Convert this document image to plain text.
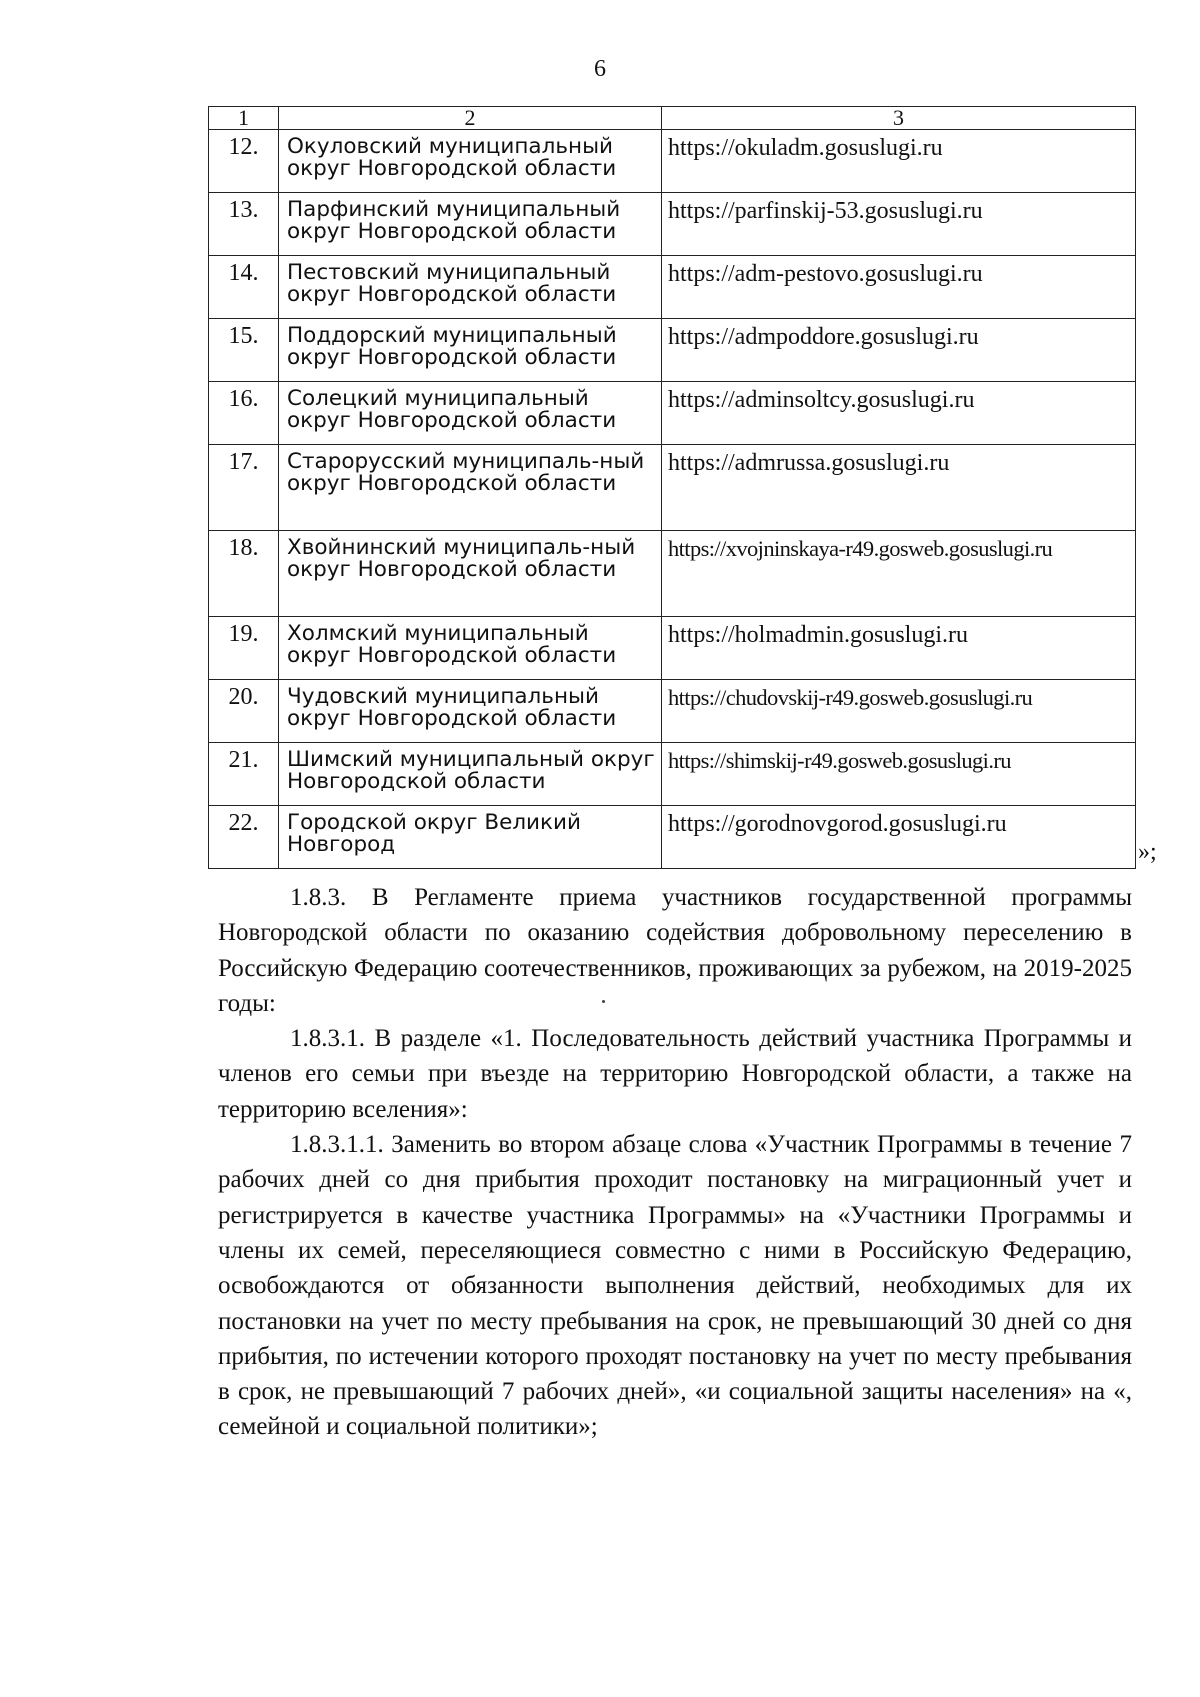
6
1	2	3
12.	Окуловский муниципальный округ Новгородской области	https://okuladm.gosuslugi.ru
13.	Парфинский муниципальный округ Новгородской области	https://parfinskij-53.gosuslugi.ru
14.	Пестовский муниципальный округ Новгородской области	https://adm-pestovo.gosuslugi.ru
15.	Поддорский муниципальный округ Новгородской области	https://admpoddore.gosuslugi.ru
16.	Солецкий муниципальный округ Новгородской области	https://adminsoltcy.gosuslugi.ru
17.	Старорусский муниципаль-ный округ Новгородской области	https://admrussa.gosuslugi.ru
18.	Хвойнинский муниципаль-ный округ Новгородской области	https://xvojninskaya-r49.gosweb.gosuslugi.ru
19.	Холмский муниципальный округ Новгородской области	https://holmadmin.gosuslugi.ru
20.	Чудовский муниципальный округ Новгородской области	https://chudovskij-r49.gosweb.gosuslugi.ru
21.	Шимский муниципальный округ Новгородской области	https://shimskij-r49.gosweb.gosuslugi.ru
22.	Городской округ Великий Новгород	https://gorodnovgorod.gosuslugi.ru
»;

1.8.3. В Регламенте приема участников государственной программы Новгородской области по оказанию содействия добровольному переселению в Российскую Федерацию соотечественников, проживающих за рубежом, на 2019-2025 годы:

1.8.3.1. В разделе «1. Последовательность действий участника Программы и членов его семьи при въезде на территорию Новгородской области, а также на территорию вселения»:

1.8.3.1.1. Заменить во втором абзаце слова «Участник Программы в течение 7 рабочих дней со дня прибытия проходит постановку на миграционный учет и регистрируется в качестве участника Программы» на «Участники Программы и члены их семей, переселяющиеся совместно с ними в Российскую Федерацию, освобождаются от обязанности выполнения действий, необходимых для их постановки на учет по месту пребывания на срок, не превышающий 30 дней со дня прибытия, по истечении которого проходят постановку на учет по месту пребывания в срок, не превышающий 7 рабочих дней», «и социальной защиты населения» на «, семейной и социальной политики»;
